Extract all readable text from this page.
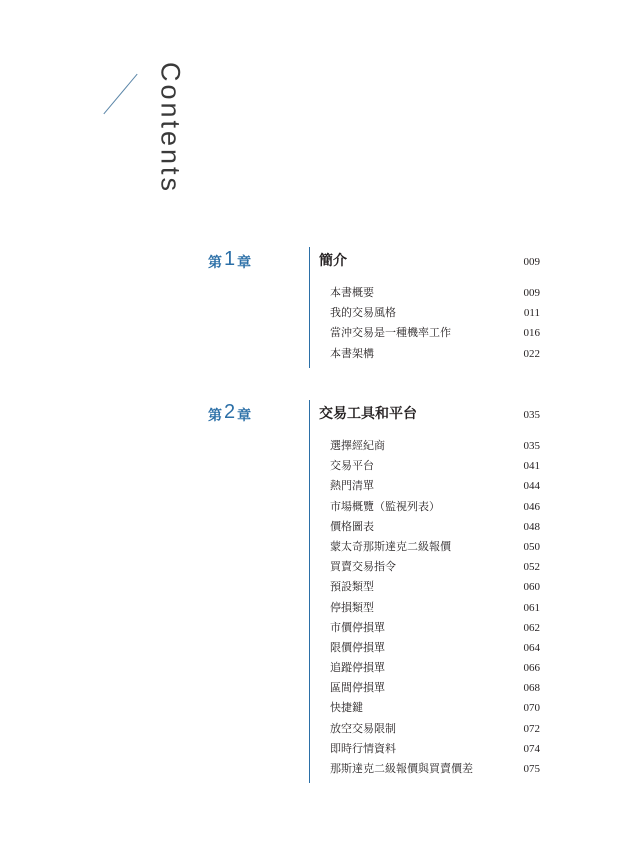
Contents
第 1 章	簡介	009
本書概要	009
我的交易風格	011
當沖交易是一種機率工作	016
本書架構	022
第 2 章	交易工具和平台	035
選擇經紀商	035
交易平台	041
熱門清單	044
市場概覽（監視列表）	046
價格圖表	048
蒙太奇那斯達克二級報價	050
買賣交易指令	052
預設類型	060
停損類型	061
市價停損單	062
限價停損單	064
追蹤停損單	066
區間停損單	068
快捷鍵	070
放空交易限制	072
即時行情資料	074
那斯達克二級報價與買賣價差	075
